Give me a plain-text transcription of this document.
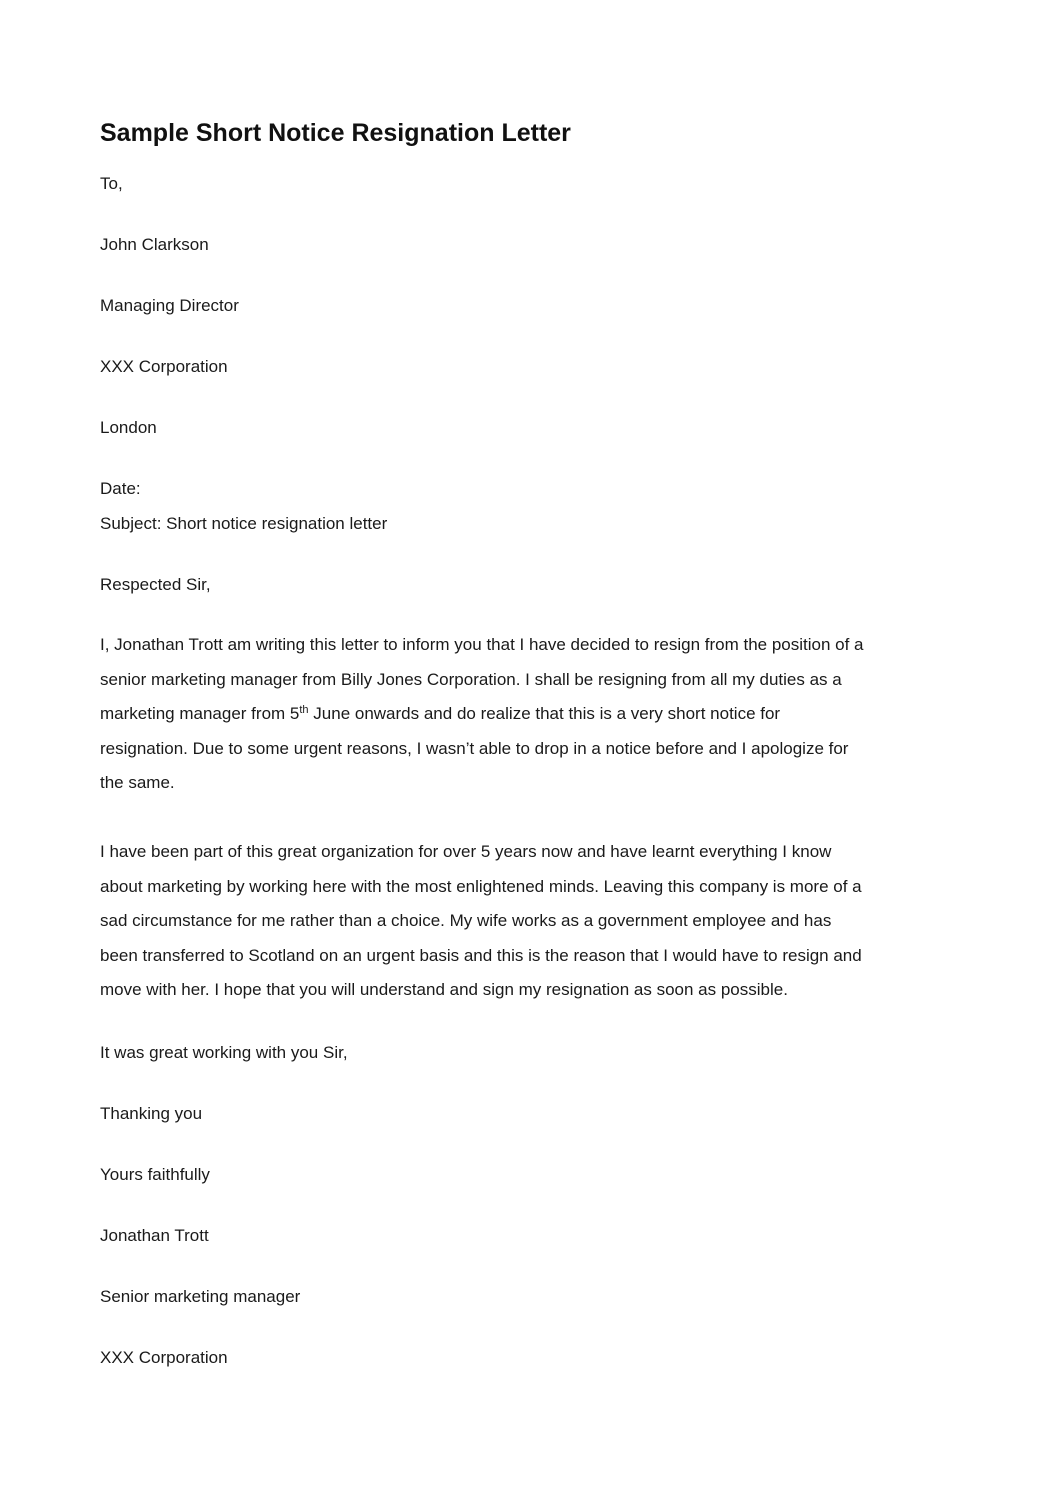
Sample Short Notice Resignation Letter

To,

John Clarkson

Managing Director

XXX Corporation

London

Date:

Subject: Short notice resignation letter

Respected Sir,

I, Jonathan Trott am writing this letter to inform you that I have decided to resign from the position of a
senior marketing manager from Billy Jones Corporation. I shall be resigning from all my duties as a
marketing manager from 5th June onwards and do realize that this is a very short notice for
resignation. Due to some urgent reasons, I wasn’t able to drop in a notice before and I apologize for
the same.
I have been part of this great organization for over 5 years now and have learnt everything I know
about marketing by working here with the most enlightened minds. Leaving this company is more of a
sad circumstance for me rather than a choice. My wife works as a government employee and has
been transferred to Scotland on an urgent basis and this is the reason that I would have to resign and
move with her. I hope that you will understand and sign my resignation as soon as possible.

It was great working with you Sir,

Thanking you

Yours faithfully

Jonathan Trott

Senior marketing manager

XXX Corporation
